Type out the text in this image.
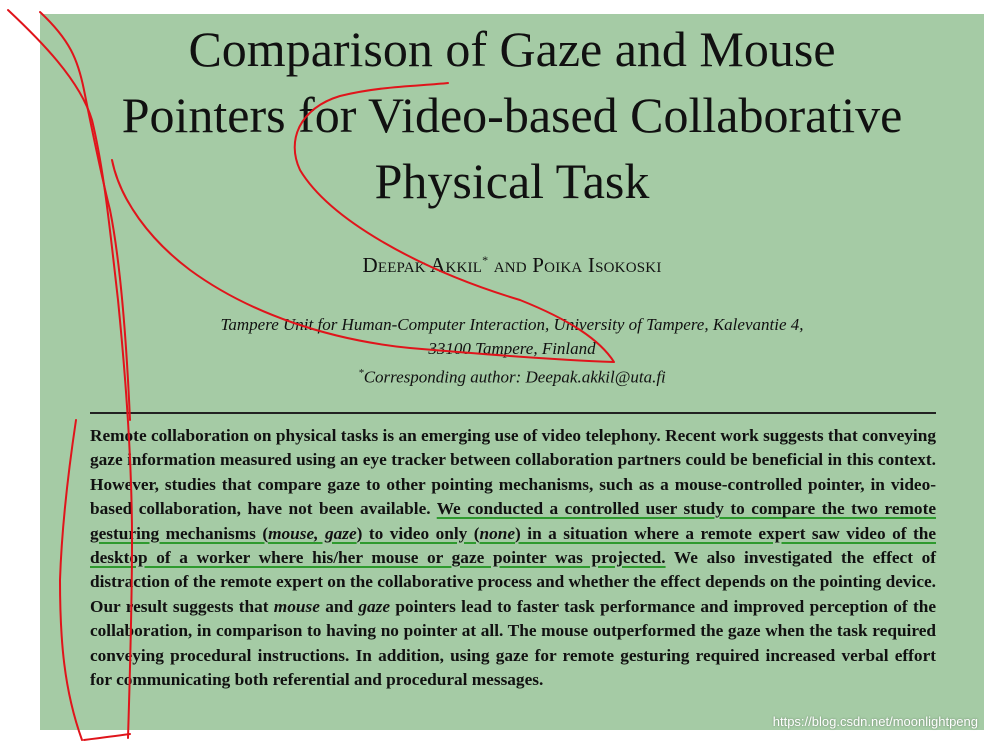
Comparison of Gaze and Mouse
Pointers for Video-based Collaborative
Physical Task
Deepak Akkil* and Poika Isokoski
Tampere Unit for Human-Computer Interaction, University of Tampere, Kalevantie 4,
33100 Tampere, Finland
*Corresponding author: Deepak.akkil@uta.fi

Remote collaboration on physical tasks is an emerging use of video telephony. Recent work suggests that conveying gaze information measured using an eye tracker between collaboration partners could be beneficial in this context. However, studies that compare gaze to other pointing mechanisms, such as a mouse-controlled pointer, in video-based collaboration, have not been available. We conducted a controlled user study to compare the two remote gesturing mechanisms (mouse, gaze) to video only (none) in a situation where a remote expert saw video of the desktop of a worker where his/her mouse or gaze pointer was projected. We also investigated the effect of distraction of the remote expert on the collaborative process and whether the effect depends on the pointing device. Our result suggests that mouse and gaze pointers lead to faster task performance and improved perception of the collaboration, in comparison to having no pointer at all. The mouse outperformed the gaze when the task required conveying procedural instructions. In addition, using gaze for remote gesturing required increased verbal effort for communicating both referential and procedural messages.

https://blog.csdn.net/moonlightpeng
